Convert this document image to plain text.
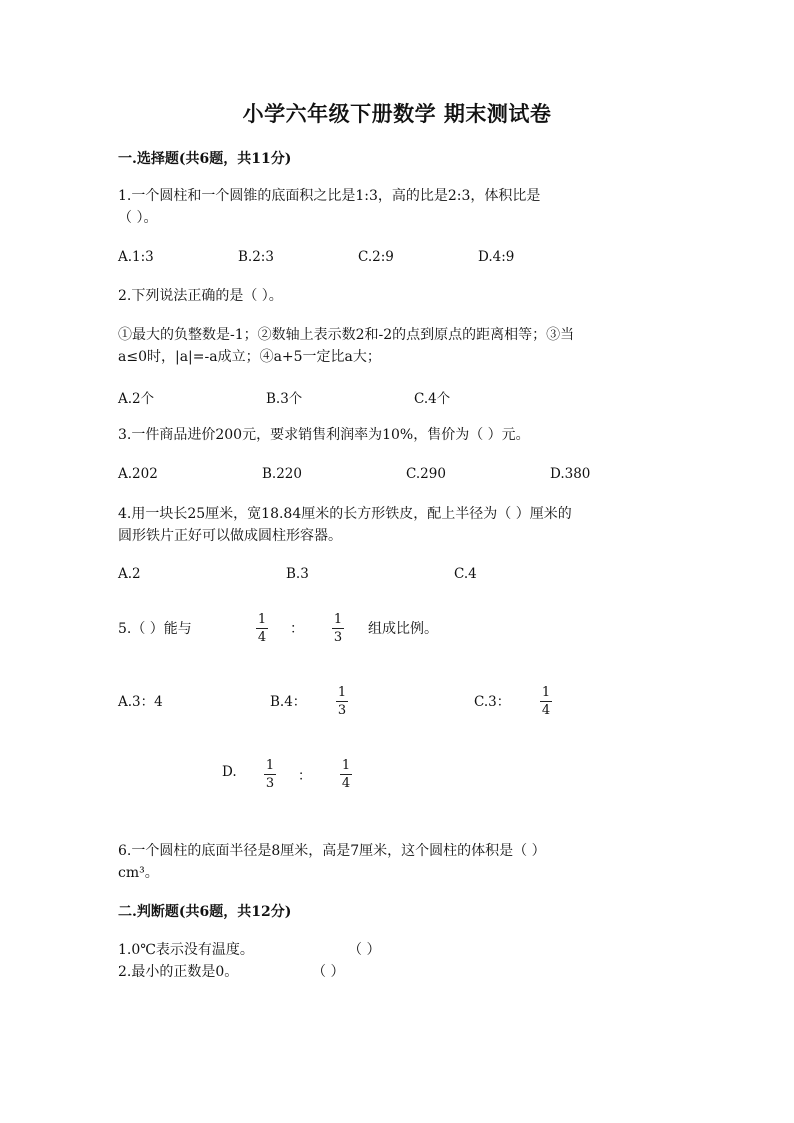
小学六年级下册数学 期末测试卷
一.选择题(共6题，共11分)
1.一个圆柱和一个圆锥的底面积之比是1:3，高的比是2:3，体积比是
（ ）。
A.1:3	B.2:3	C.2:9	D.4:9
2.下列说法正确的是（ ）。
①最大的负整数是-1；②数轴上表示数2和-2的点到原点的距离相等；③当
a≤0时，|a|=-a成立；④a+5一定比a大；
A.2个	B.3个	C.4个
3.一件商品进价200元，要求销售利润率为10%，售价为（ ）元。
A.202	B.220	C.290	D.380
4.用一块长25厘米，宽18.84厘米的长方形铁皮，配上半径为（ ）厘米的
圆形铁片正好可以做成圆柱形容器。
A.2	B.3	C.4
5.（ ）能与
1
4
：
1
3
组成比例。
A.3：4	B.4：
1
3
C.3：
1
4
D. 1
3 ：
1
4
6.一个圆柱的底面半径是8厘米，高是7厘米，这个圆柱的体积是（ ）
cm³。
二.判断题(共6题，共12分)
1.0℃表示没有温度。	（ ）
2.最小的正数是0。	（ ）
